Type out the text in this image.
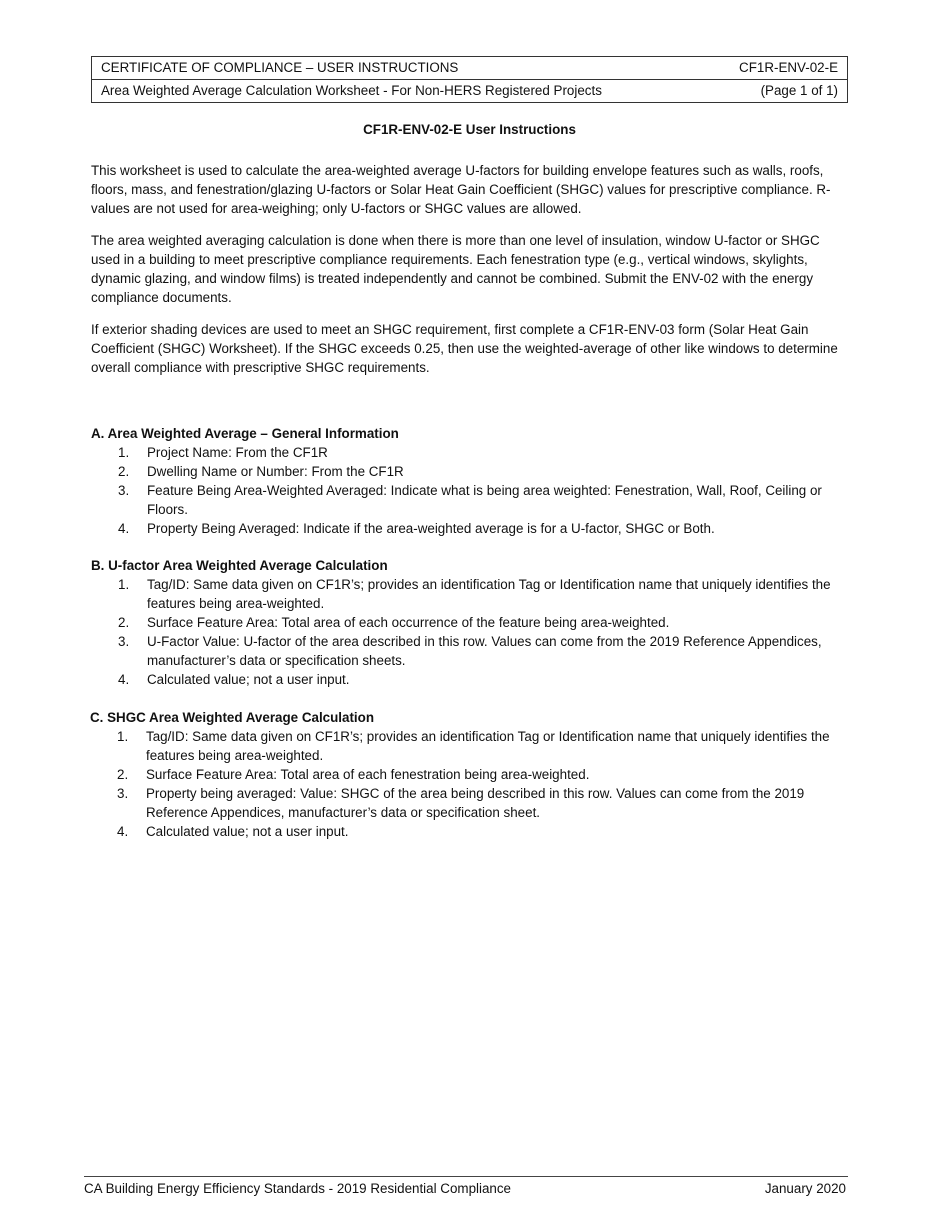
CERTIFICATE OF COMPLIANCE – USER INSTRUCTIONS	CF1R-ENV-02-E
Area Weighted Average Calculation Worksheet - For Non-HERS Registered Projects	(Page 1 of 1)
CF1R-ENV-02-E User Instructions

This worksheet is used to calculate the area-weighted average U-factors for building envelope features such as walls, roofs, floors, mass, and fenestration/glazing U-factors or Solar Heat Gain Coefficient (SHGC) values for prescriptive compliance. R-values are not used for area-weighing; only U-factors or SHGC values are allowed.

The area weighted averaging calculation is done when there is more than one level of insulation, window U-factor or SHGC used in a building to meet prescriptive compliance requirements. Each fenestration type (e.g., vertical windows, skylights, dynamic glazing, and window films) is treated independently and cannot be combined. Submit the ENV-02 with the energy compliance documents.

If exterior shading devices are used to meet an SHGC requirement, first complete a CF1R-ENV-03 form (Solar Heat Gain Coefficient (SHGC) Worksheet). If the SHGC exceeds 0.25, then use the weighted-average of other like windows to determine overall compliance with prescriptive SHGC requirements.

A. Area Weighted Average – General Information
1. Project Name: From the CF1R
2. Dwelling Name or Number: From the CF1R
3. Feature Being Area-Weighted Averaged: Indicate what is being area weighted: Fenestration, Wall, Roof, Ceiling or Floors.
4. Property Being Averaged: Indicate if the area-weighted average is for a U-factor, SHGC or Both.
B. U-factor Area Weighted Average Calculation
1. Tag/ID: Same data given on CF1R’s; provides an identification Tag or Identification name that uniquely identifies the features being area-weighted.
2. Surface Feature Area: Total area of each occurrence of the feature being area-weighted.
3. U-Factor Value: U-factor of the area described in this row. Values can come from the 2019 Reference Appendices, manufacturer’s data or specification sheets.
4. Calculated value; not a user input.
C. SHGC Area Weighted Average Calculation
1. Tag/ID: Same data given on CF1R’s; provides an identification Tag or Identification name that uniquely identifies the features being area-weighted.
2. Surface Feature Area: Total area of each fenestration being area-weighted.
3. Property being averaged: Value: SHGC of the area being described in this row. Values can come from the 2019 Reference Appendices, manufacturer’s data or specification sheet.
4. Calculated value; not a user input.
CA Building Energy Efficiency Standards - 2019 Residential Compliance	January 2020
